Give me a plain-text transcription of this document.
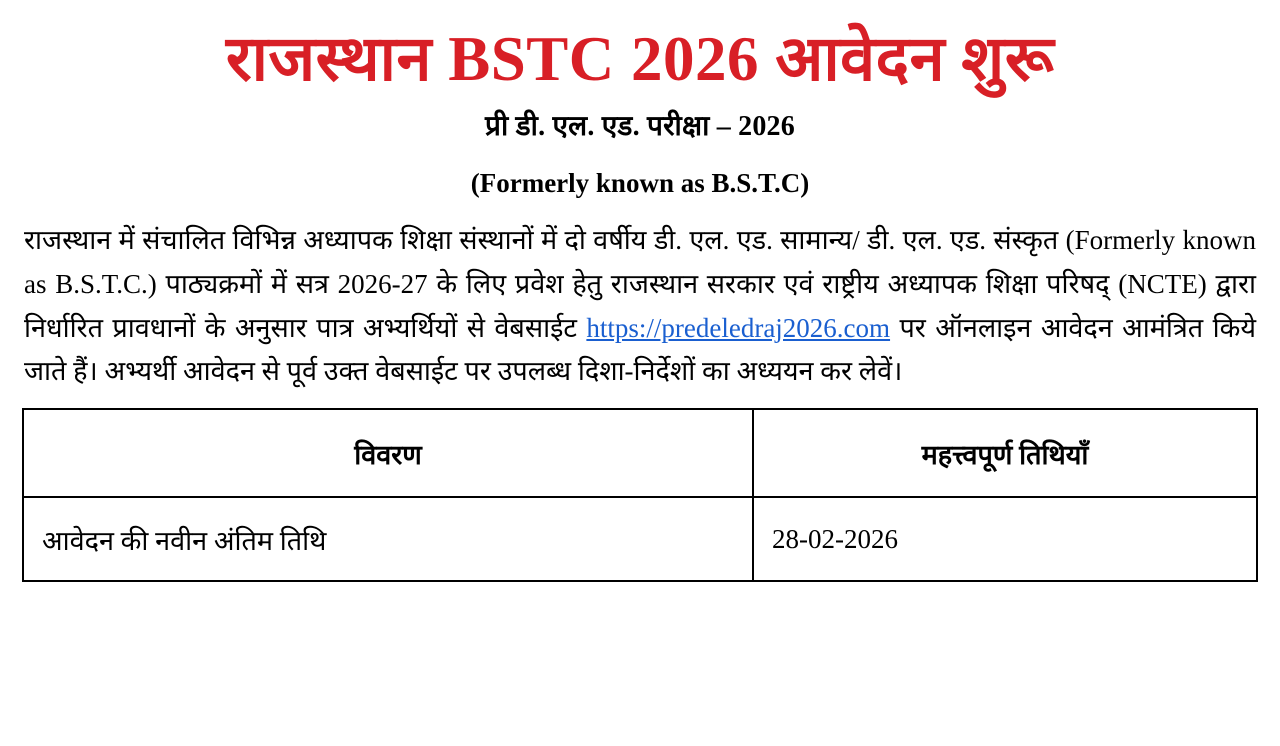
राजस्थान BSTC 2026 आवेदन शुरू
प्री डी. एल. एड. परीक्षा – 2026
(Formerly known as B.S.T.C)

राजस्थान में संचालित विभिन्न अध्यापक शिक्षा संस्थानों में दो वर्षीय डी. एल. एड. सामान्य/ डी. एल. एड. संस्कृत (Formerly known as B.S.T.C.) पाठ्यक्रमों में सत्र 2026-27 के लिए प्रवेश हेतु राजस्थान सरकार एवं राष्ट्रीय अध्यापक शिक्षा परिषद् (NCTE) द्वारा निर्धारित प्रावधानों के अनुसार पात्र अभ्यर्थियों से वेबसाईट https://predeledraj2026.com पर ऑनलाइन आवेदन आमंत्रित किये जाते हैं। अभ्यर्थी आवेदन से पूर्व उक्त वेबसाईट पर उपलब्ध दिशा-निर्देशों का अध्ययन कर लेवें।

विवरण	महत्त्वपूर्ण तिथियाँ
आवेदन की नवीन अंतिम तिथि	28-02-2026
